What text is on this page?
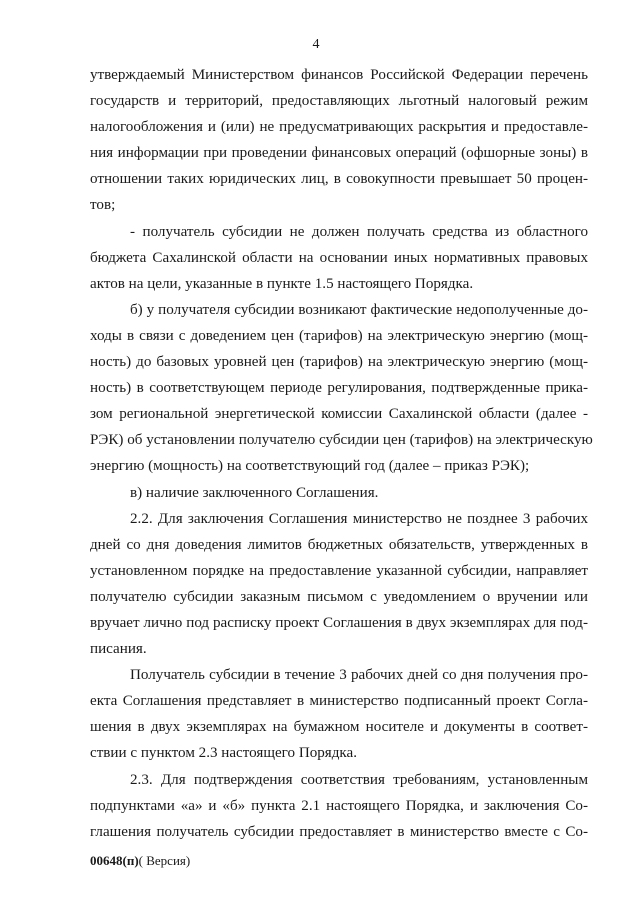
4
утверждаемый Министерством финансов Российской Федерации перечень
государств и территорий, предоставляющих льготный налоговый режим
налогообложения и (или) не предусматривающих раскрытия и предоставле-
ния информации при проведении финансовых операций (офшорные зоны) в
отношении таких юридических лиц, в совокупности превышает 50 процен-
тов;
- получатель субсидии не должен получать средства из областного
бюджета Сахалинской области на основании иных нормативных правовых
актов на цели, указанные в пункте 1.5 настоящего Порядка.
б) у получателя субсидии возникают фактические недополученные до-
ходы в связи с доведением цен (тарифов) на электрическую энергию (мощ-
ность) до базовых уровней цен (тарифов) на электрическую энергию (мощ-
ность) в соответствующем периоде регулирования, подтвержденные прика-
зом региональной энергетической комиссии Сахалинской области (далее -
РЭК) об установлении получателю субсидии цен (тарифов) на электрическую
энергию (мощность) на соответствующий год (далее – приказ РЭК);
в) наличие заключенного Соглашения.
2.2. Для заключения Соглашения министерство не позднее 3 рабочих
дней со дня доведения лимитов бюджетных обязательств, утвержденных в
установленном порядке на предоставление указанной субсидии, направляет
получателю субсидии заказным письмом с уведомлением о вручении или
вручает лично под расписку проект Соглашения в двух экземплярах для под-
писания.
Получатель субсидии в течение 3 рабочих дней со дня получения про-
екта Соглашения представляет в министерство подписанный проект Согла-
шения в двух экземплярах на бумажном носителе и документы в соответ-
ствии с пунктом 2.3 настоящего Порядка.
2.3. Для подтверждения соответствия требованиям, установленным
подпунктами «а» и «б» пункта 2.1 настоящего Порядка, и заключения Со-
глашения получатель субсидии предоставляет в министерство вместе с Со-
00648(п)( Версия)
